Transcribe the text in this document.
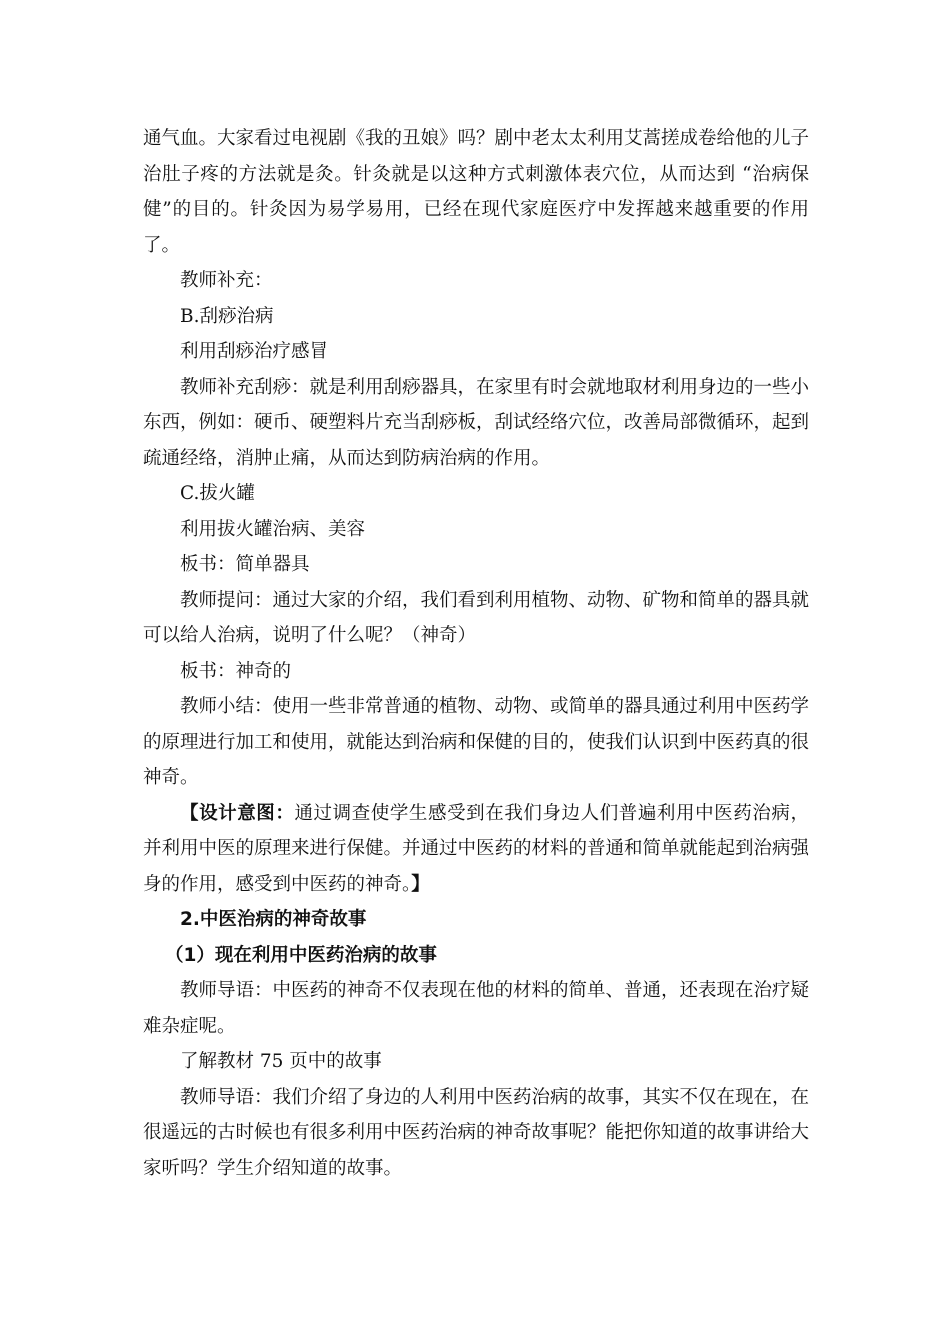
通气血。大家看过电视剧《我的丑娘》吗？剧中老太太利用艾蒿搓成卷给他的儿子治肚子疼的方法就是灸。针灸就是以这种方式刺激体表穴位，从而达到 “治病保健”的目的。针灸因为易学易用，已经在现代家庭医疗中发挥越来越重要的作用了。

教师补充：

B.刮痧治病

利用刮痧治疗感冒

教师补充刮痧：就是利用刮痧器具，在家里有时会就地取材利用身边的一些小东西，例如：硬币、硬塑料片充当刮痧板，刮试经络穴位，改善局部微循环，起到疏通经络，消肿止痛，从而达到防病治病的作用。

C.拔火罐

利用拔火罐治病、美容

板书：简单器具

教师提问：通过大家的介绍，我们看到利用植物、动物、矿物和简单的器具就可以给人治病，说明了什么呢？（神奇）

板书：神奇的

教师小结：使用一些非常普通的植物、动物、或简单的器具通过利用中医药学的原理进行加工和使用，就能达到治病和保健的目的，使我们认识到中医药真的很神奇。

【设计意图：通过调查使学生感受到在我们身边人们普遍利用中医药治病，并利用中医的原理来进行保健。并通过中医药的材料的普通和简单就能起到治病强身的作用，感受到中医药的神奇。】

2.中医治病的神奇故事

（1）现在利用中医药治病的故事

教师导语：中医药的神奇不仅表现在他的材料的简单、普通，还表现在治疗疑难杂症呢。

了解教材 75 页中的故事

教师导语：我们介绍了身边的人利用中医药治病的故事，其实不仅在现在，在很遥远的古时候也有很多利用中医药治病的神奇故事呢？能把你知道的故事讲给大家听吗？学生介绍知道的故事。
